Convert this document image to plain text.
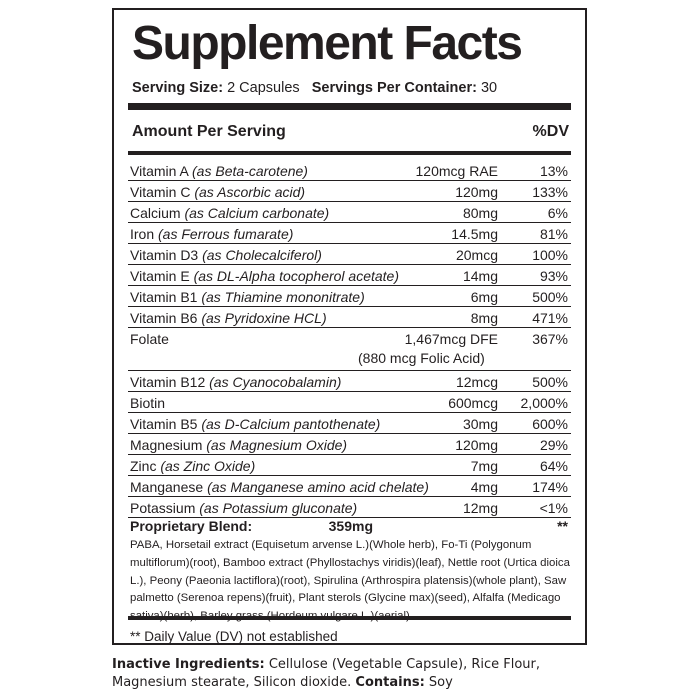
Supplement Facts
Serving Size: 2 Capsules Servings Per Container: 30
Amount Per Serving	%DV
Vitamin A (as Beta-carotene)	120mcg RAE	13%
Vitamin C (as Ascorbic acid)	120mg 133%
Calcium (as Calcium carbonate)	80mg	6%
Iron (as Ferrous fumarate)	14.5mg	81%
Vitamin D3 (as Cholecalciferol)	20mcg 100%
Vitamin E (as DL-Alpha tocopherol acetate)	14mg	93%
Vitamin B1 (as Thiamine mononitrate)	6mg 500%
Vitamin B6 (as Pyridoxine HCL)	8mg 471%
Folate	1,467mcg DFE 367%
(880 mcg Folic Acid)
Vitamin B12 (as Cyanocobalamin)	12mcg 500%
Biotin	600mcg 2,000%
Vitamin B5 (as D-Calcium pantothenate)	30mg 600%
Magnesium (as Magnesium Oxide)	120mg	29%
Zinc (as Zinc Oxide)	7mg	64%
Manganese (as Manganese amino acid chelate)	4mg 174%
Potassium (as Potassium gluconate)	12mg	<1%
Proprietary Blend:	359mg	**
PABA, Horsetail extract (Equisetum arvense L.)(Whole herb), Fo-Ti (Polygonum multiflorum)(root), Bamboo extract (Phyllostachys viridis)(leaf), Nettle root (Urtica dioica L.), Peony (Paeonia lactiflora)(root), Spirulina (Arthrospira platensis)(whole plant), Saw palmetto (Serenoa repens)(fruit), Plant sterols (Glycine max)(seed), Alfalfa (Medicago
** Daily Value (DV) not established
Inactive Ingredients: Cellulose (Vegetable Capsule), Rice Flour, Magnesium stearate, Silicon dioxide. Contains: Soy
